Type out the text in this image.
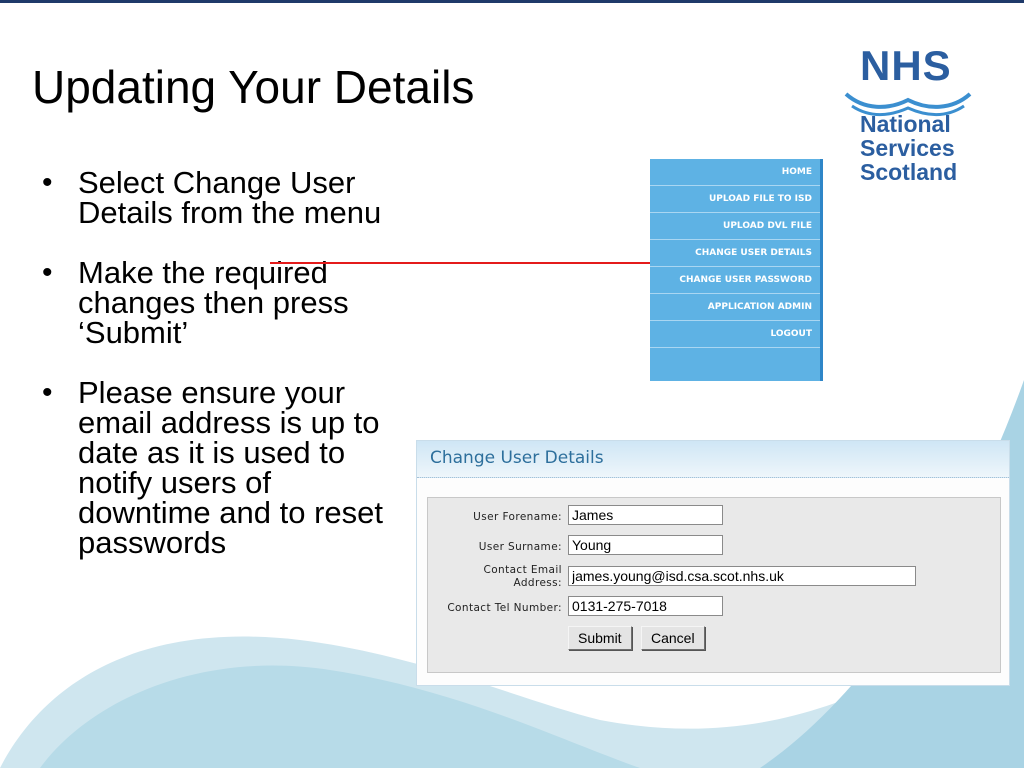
Updating Your Details	NHS
National
Services
Scotland
• Select Change User Details from the menu
• Make the required changes then press ‘Submit’
• Please ensure your email address is up to date as it is used to notify users of downtime and to reset passwords
HOME
UPLOAD FILE TO ISD
UPLOAD DVL FILE
CHANGE USER DETAILS
CHANGE USER PASSWORD
APPLICATION ADMIN
LOGOUT
Change User Details
User Forename:
James
User Surname:
Young
Contact Email
Address:
james.young@isd.csa.scot.nhs.uk
Contact Tel Number:
0131-275-7018
Submit	Cancel
